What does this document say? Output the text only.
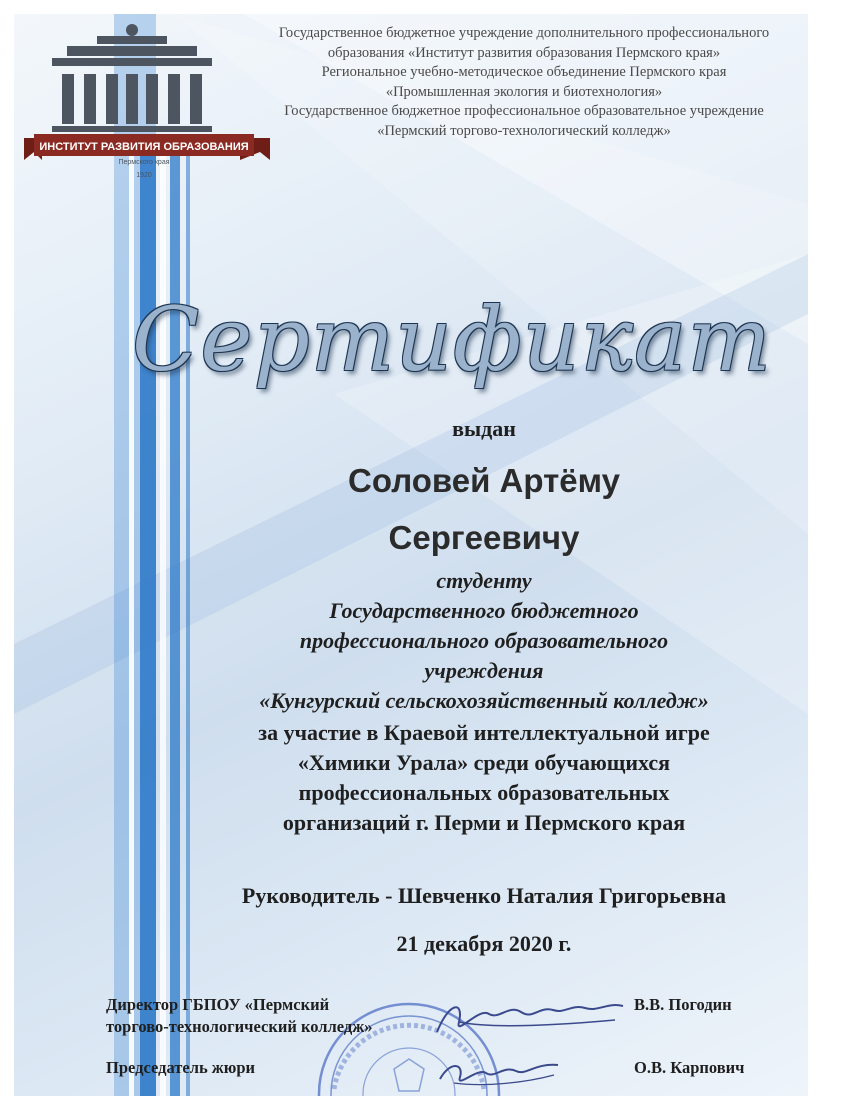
ИНСТИТУТ РАЗВИТИЯ ОБРАЗОВАНИЯ
Пермского края
1920
Государственное бюджетное учреждение дополнительного профессионального
образования «Институт развития образования Пермского края»
Региональное учебно-методическое объединение Пермского края
«Промышленная экология и биотехнология»
Государственное бюджетное профессиональное образовательное учреждение
«Пермский торгово-технологический колледж»
Сертификат
выдан
Соловей Артёму
Сергеевичу
студенту
Государственного бюджетного
профессионального образовательного
учреждения
«Кунгурский сельскохозяйственный колледж»
за участие в Краевой интеллектуальной игре
«Химики Урала» среди обучающихся
профессиональных образовательных
организаций г. Перми и Пермского края
Руководитель - Шевченко Наталия Григорьевна
21 декабря 2020 г.
Директор ГБПОУ «Пермский
торгово-технологический колледж»
В.В. Погодин
Председатель жюри	О.В. Карпович
